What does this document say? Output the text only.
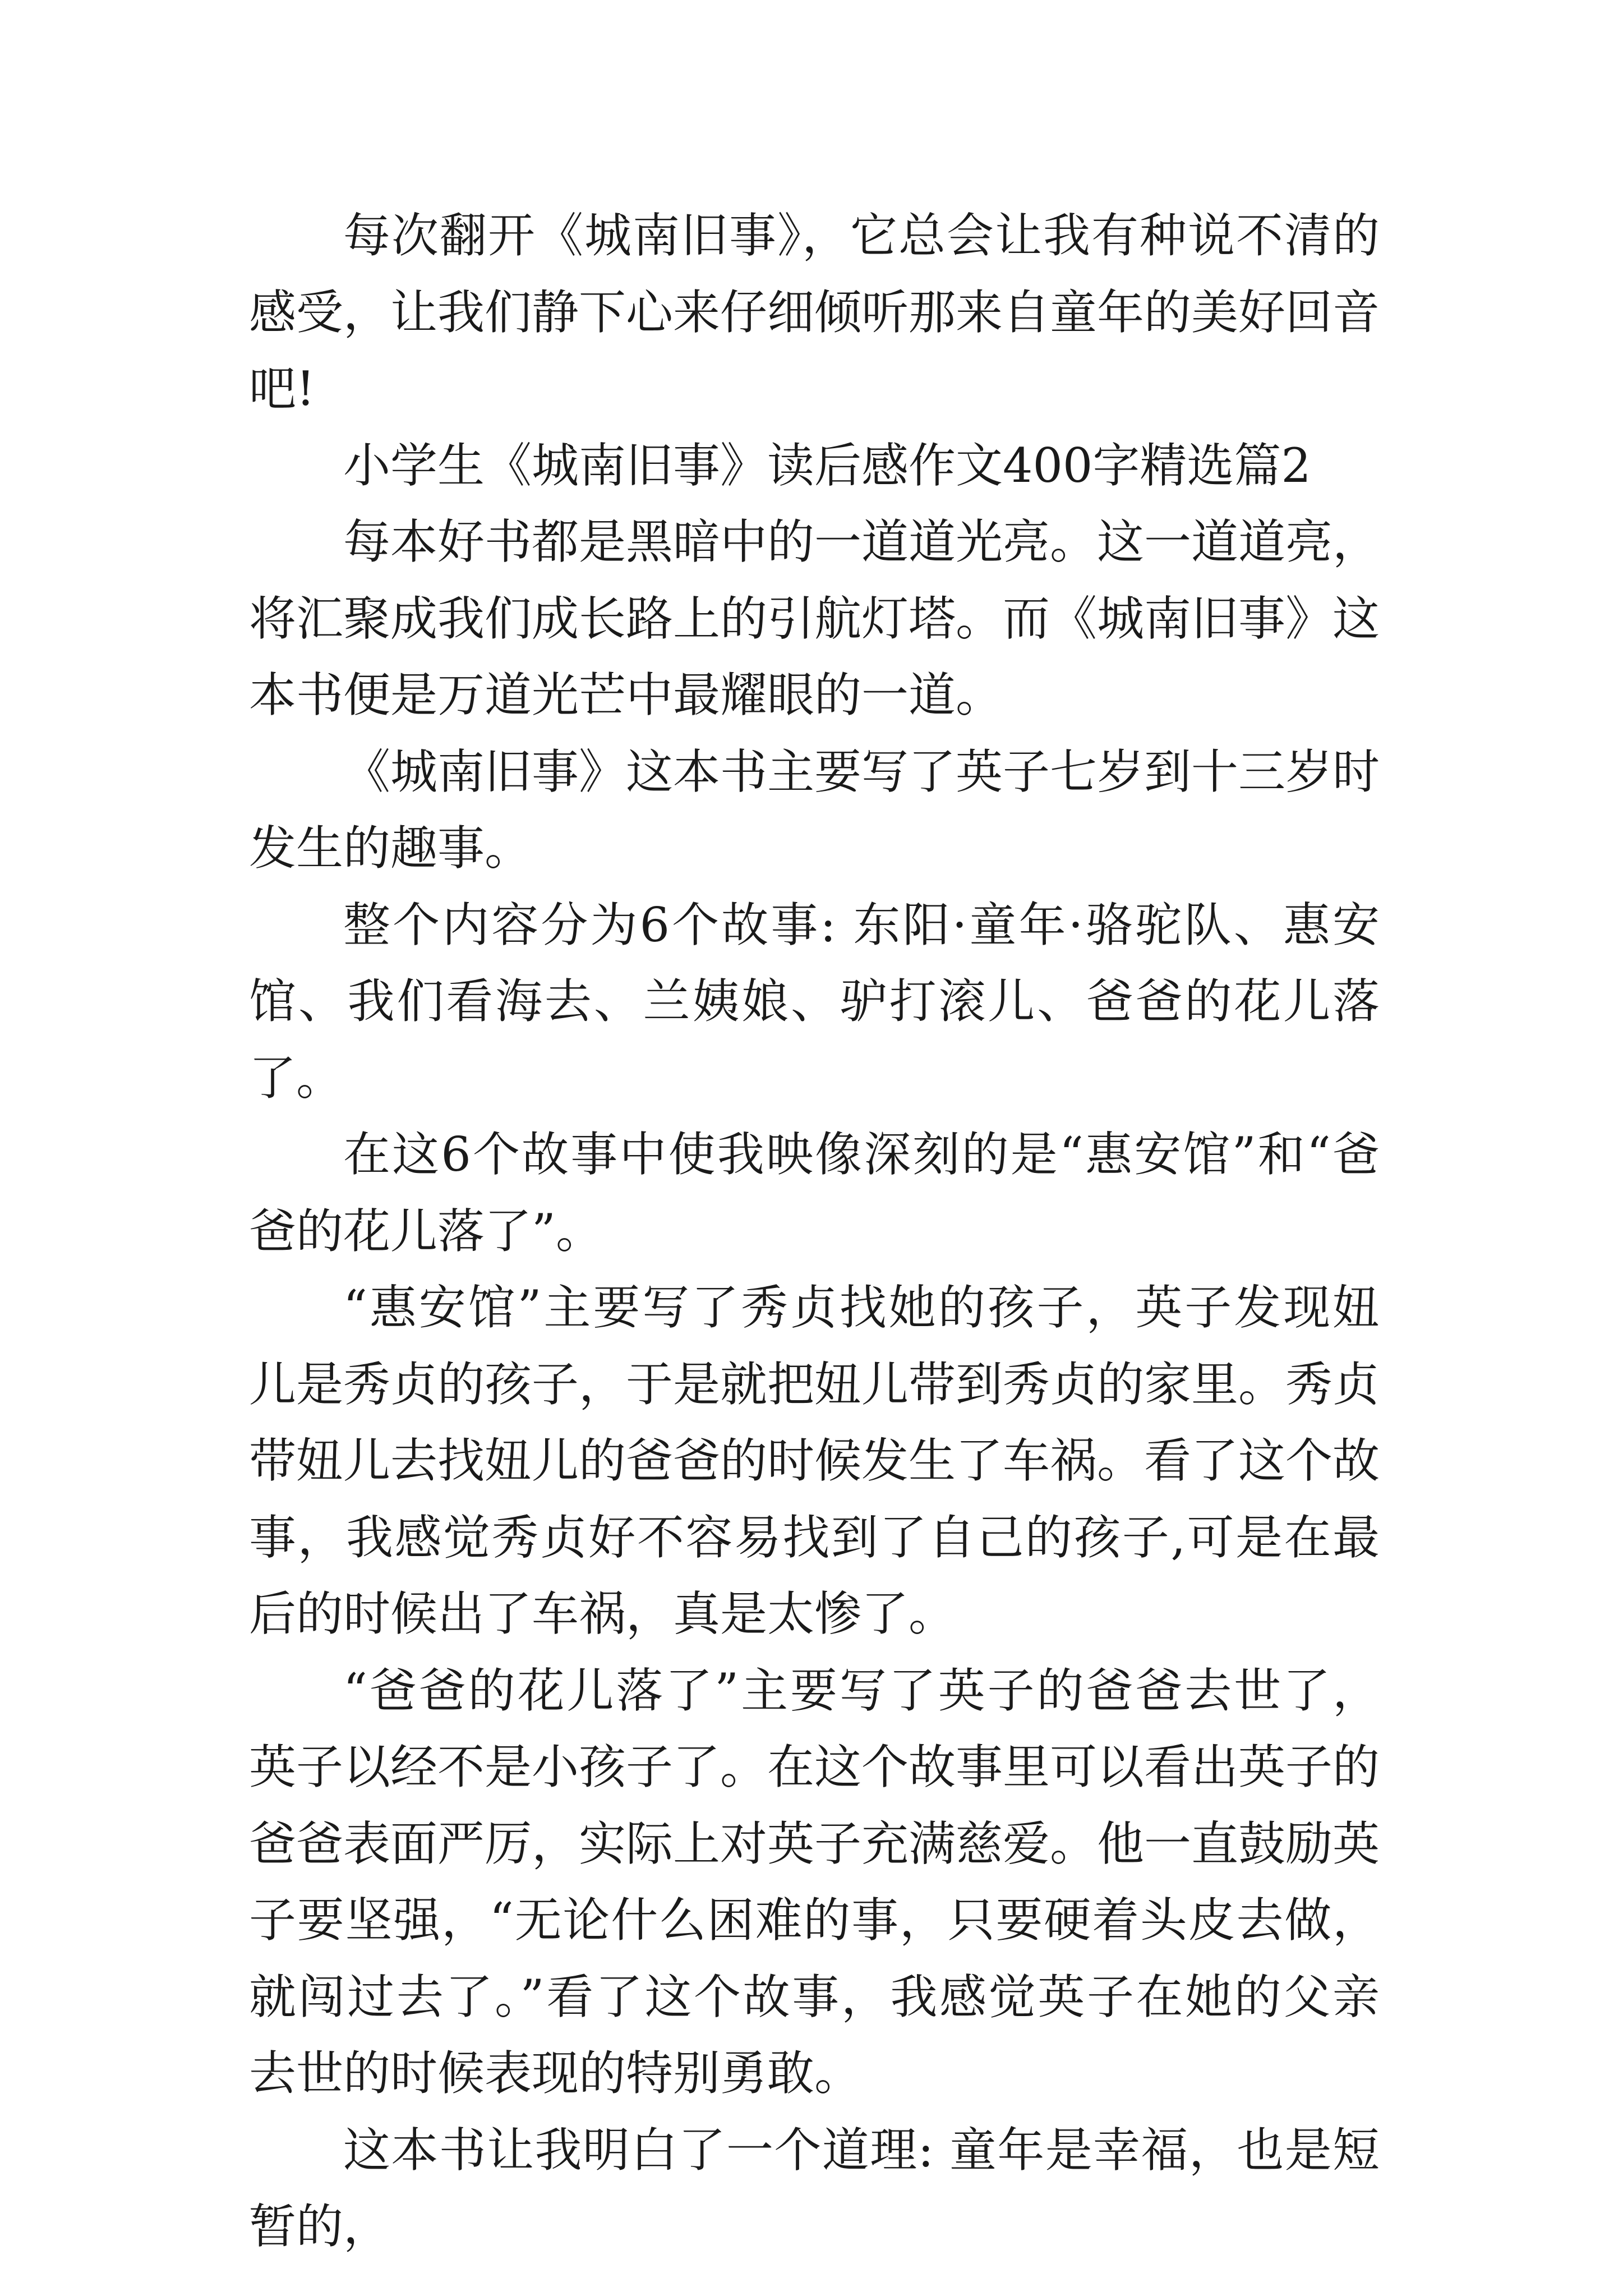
每次翻开《城南旧事》，它总会让我有种说不清的感受，让我们静下心来仔细倾听那来自童年的美好回音吧!

小学生《城南旧事》读后感作文400字精选篇2

每本好书都是黑暗中的一道道光亮。这一道道亮，将汇聚成我们成长路上的引航灯塔。而《城南旧事》这本书便是万道光芒中最耀眼的一道。

《城南旧事》这本书主要写了英子七岁到十三岁时发生的趣事。

整个内容分为6个故事: 东阳·童年·骆驼队、惠安馆、我们看海去、兰姨娘、驴打滚儿、爸爸的花儿落了。

在这6个故事中使我映像深刻的是“惠安馆”和“爸爸的花儿落了”。

“惠安馆”主要写了秀贞找她的孩子，英子发现妞儿是秀贞的孩子，于是就把妞儿带到秀贞的家里。秀贞带妞儿去找妞儿的爸爸的时候发生了车祸。看了这个故事，我感觉秀贞好不容易找到了自己的孩子,可是在最后的时候出了车祸，真是太惨了。

“爸爸的花儿落了”主要写了英子的爸爸去世了，英子以经不是小孩子了。在这个故事里可以看出英子的爸爸表面严厉，实际上对英子充满慈爱。他一直鼓励英子要坚强，“无论什么困难的事，只要硬着头皮去做，就闯过去了。”看了这个故事，我感觉英子在她的父亲去世的时候表现的特别勇敢。

这本书让我明白了一个道理: 童年是幸福，也是短暂的，
